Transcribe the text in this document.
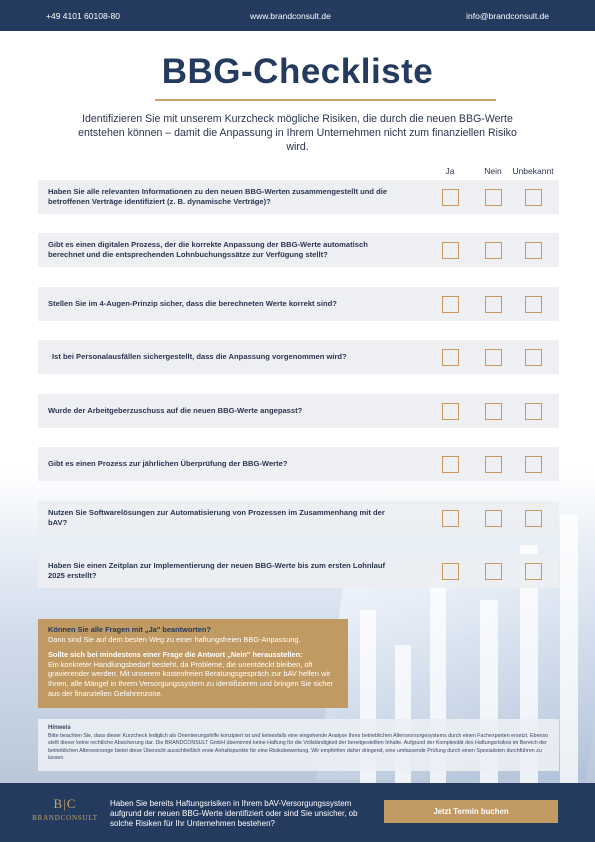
+49 4101 60108-80	www.brandconsult.de	info@brandconsult.de
BBG-Checkliste
Identifizieren Sie mit unserem Kurzcheck mögliche Risiken, die durch die neuen BBG-Werte entstehen können – damit die Anpassung in Ihrem Unternehmen nicht zum finanziellen Risiko wird.
Ja	Nein	Unbekannt
Haben Sie alle relevanten Informationen zu den neuen BBG-Werten zusammengestellt und die betroffenen Verträge identifiziert (z. B. dynamische Verträge)?
Gibt es einen digitalen Prozess, der die korrekte Anpassung der BBG-Werte automatisch berechnet und die entsprechenden Lohnbuchungssätze zur Verfügung stellt?
Stellen Sie im 4-Augen-Prinzip sicher, dass die berechneten Werte korrekt sind?
Ist bei Personalausfällen sichergestellt, dass die Anpassung vorgenommen wird?
Wurde der Arbeitgeberzuschuss auf die neuen BBG-Werte angepasst?
Gibt es einen Prozess zur jährlichen Überprüfung der BBG-Werte?
Nutzen Sie Softwarelösungen zur Automatisierung von Prozessen im Zusammenhang mit der bAV?
Haben Sie einen Zeitplan zur Implementierung der neuen BBG-Werte bis zum ersten Lohnlauf 2025 erstellt?
Können Sie alle Fragen mit „Ja" beantworten?
Dann sind Sie auf dem besten Weg zu einer haftungsfreien BBG-Anpassung.
Sollte sich bei mindestens einer Frage die Antwort „Nein" herausstellen:
Ein konkreter Handlungsbedarf besteht, da Probleme, die unentdeckt bleiben, oft gravierender werden. Mit unserem kostenfreien Beratungsgespräch zur bAV helfen wir Ihnen, alle Mängel in Ihrem Versorgungssystem zu identifizieren und bringen Sie sicher aus der finanziellen Gefahrenzone.
Hinweis
Bitte beachten Sie, dass dieser Kurzcheck lediglich als Orientierungshilfe konzipiert ist und keinesfalls eine eingehende Analyse Ihres betrieblichen Altersvorsorgesystems durch einen Fachexperten ersetzt. Ebenso stellt dieser keine rechtliche Absicherung dar. Die BRANDCONSULT GmbH übernimmt keine Haftung für die Vollständigkeit der bereitgestellten Inhalte. Aufgrund der Komplexität des Haftungsrisikos im Bereich der betrieblichen Altersvorsorge bietet diese Übersicht ausschließlich erste Anhaltspunkte für eine Risikobewertung. Wir empfehlen daher dringend, eine umfassende Prüfung durch einen Spezialisten durchführen zu lassen.
B|C
BRANDCONSULT
Haben Sie bereits Haftungsrisiken in Ihrem bAV-Versorgungssystem aufgrund der neuen BBG-Werte identifiziert oder sind Sie unsicher, ob solche Risiken für Ihr Unternehmen bestehen?
Jetzt Termin buchen
